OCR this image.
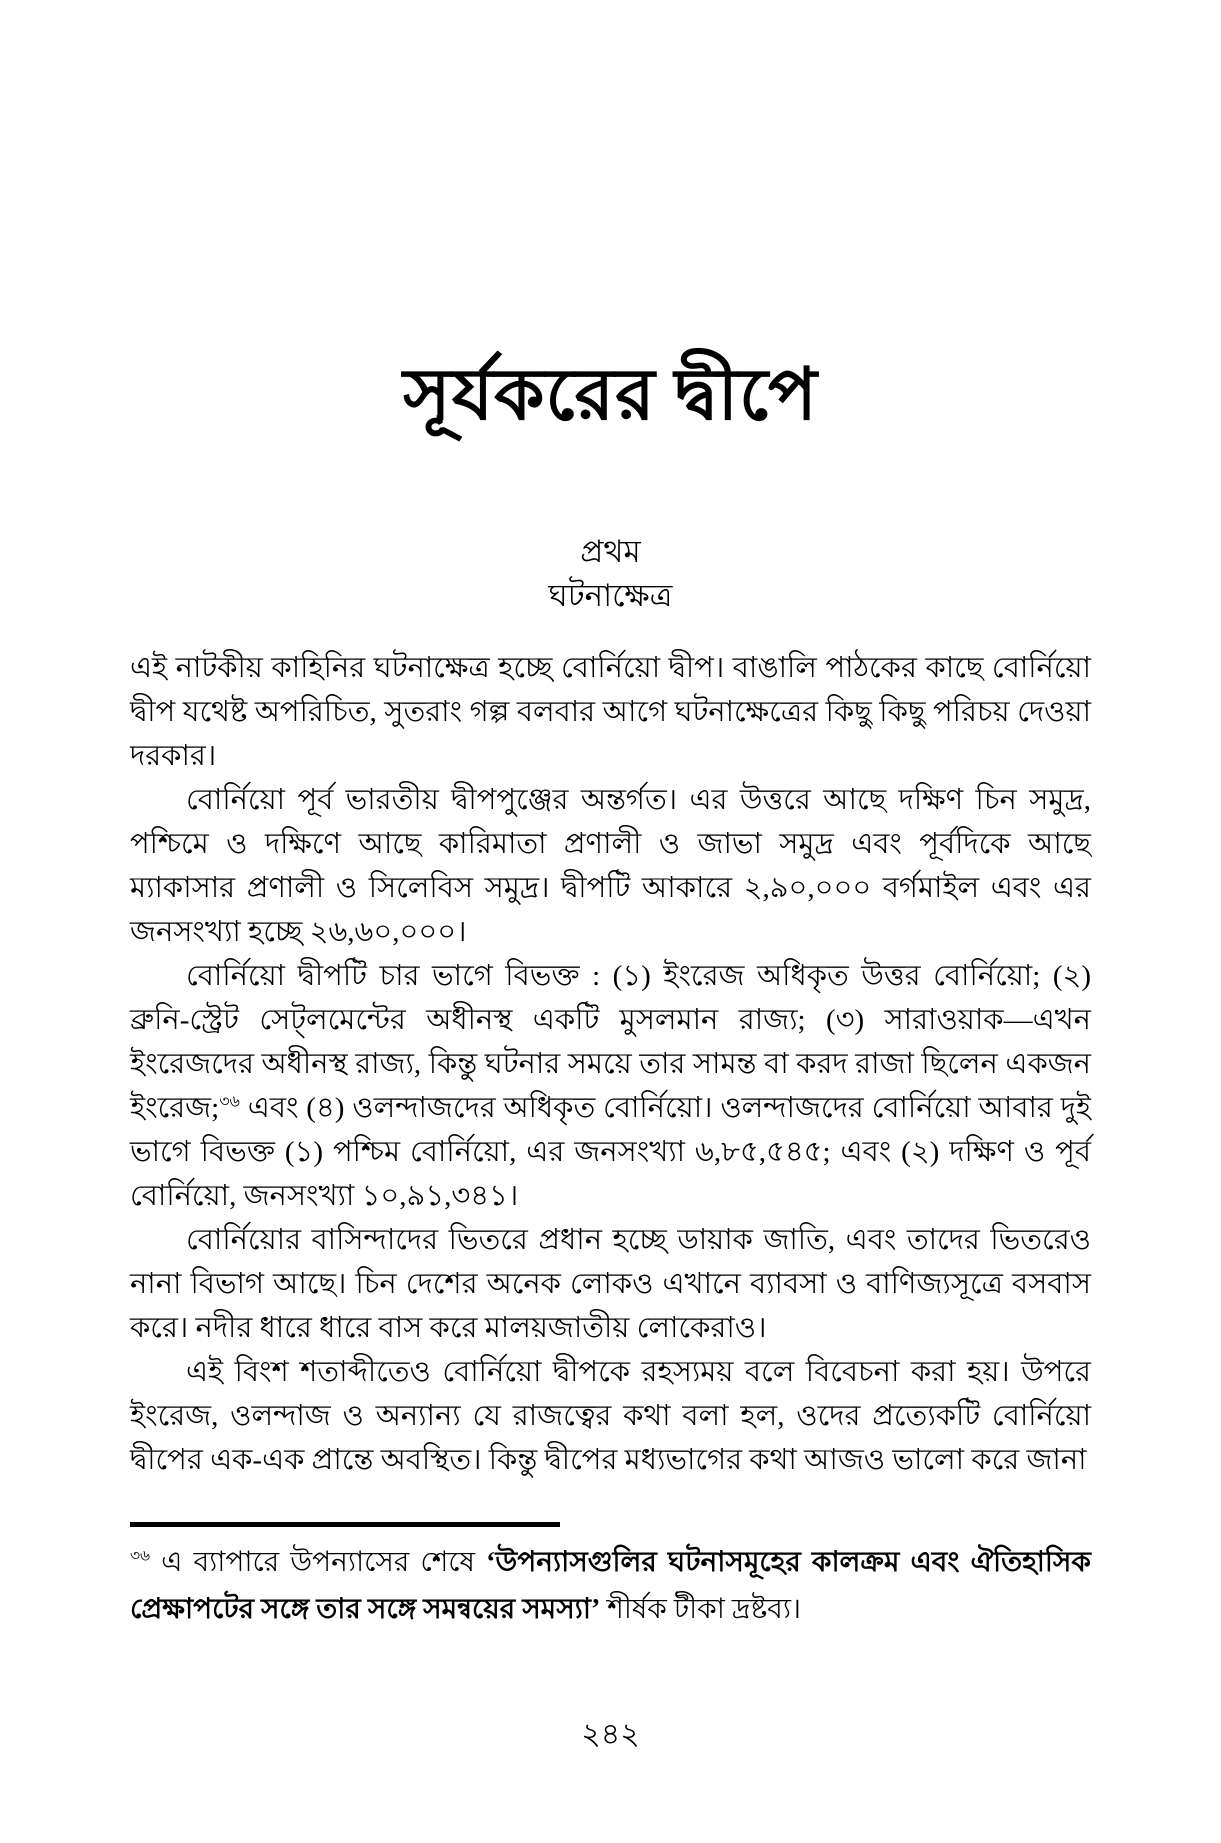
সূর্যকরের দ্বীপে
প্রথম
ঘটনাক্ষেত্র

এই নাটকীয় কাহিনির ঘটনাক্ষেত্র হচ্ছে বোর্নিয়ো দ্বীপ। বাঙালি পাঠকের কাছে বোর্নিয়ো দ্বীপ যথেষ্ট অপরিচিত, সুতরাং গল্প বলবার আগে ঘটনাক্ষেত্রের কিছু কিছু পরিচয় দেওয়া দরকার।

বোর্নিয়ো পূর্ব ভারতীয় দ্বীপপুঞ্জের অন্তর্গত। এর উত্তরে আছে দক্ষিণ চিন সমুদ্র, পশ্চিমে ও দক্ষিণে আছে কারিমাতা প্রণালী ও জাভা সমুদ্র এবং পূর্বদিকে আছে ম্যাকাসার প্রণালী ও সিলেবিস সমুদ্র। দ্বীপটি আকারে ২,৯০,০০০ বর্গমাইল এবং এর জনসংখ্যা হচ্ছে ২৬,৬০,০০০।

বোর্নিয়ো দ্বীপটি চার ভাগে বিভক্ত : (১) ইংরেজ অধিকৃত উত্তর বোর্নিয়ো; (২) ব্রুনি-স্ট্রেট সেট্‌লমেন্টের অধীনস্থ একটি মুসলমান রাজ্য; (৩) সারাওয়াক—এখন ইংরেজদের অধীনস্থ রাজ্য, কিন্তু ঘটনার সময়ে তার সামন্ত বা করদ রাজা ছিলেন একজন ইংরেজ;$^{৩৬}$ এবং (৪) ওলন্দাজদের অধিকৃত বোর্নিয়ো। ওলন্দাজদের বোর্নিয়ো আবার দুই ভাগে বিভক্ত (১) পশ্চিম বোর্নিয়ো, এর জনসংখ্যা ৬,৮৫,৫৪৫; এবং (২) দক্ষিণ ও পূর্ব বোর্নিয়ো, জনসংখ্যা ১০,৯১,৩৪১।

বোর্নিয়োর বাসিন্দাদের ভিতরে প্রধান হচ্ছে ডায়াক জাতি, এবং তাদের ভিতরেও নানা বিভাগ আছে। চিন দেশের অনেক লোকও এখানে ব্যাবসা ও বাণিজ্যসূত্রে বসবাস করে। নদীর ধারে ধারে বাস করে মালয়জাতীয় লোকেরাও।

এই বিংশ শতাব্দীতেও বোর্নিয়ো দ্বীপকে রহস্যময় বলে বিবেচনা করা হয়। উপরে ইংরেজ, ওলন্দাজ ও অন্যান্য যে রাজত্বের কথা বলা হল, ওদের প্রত্যেকটি বোর্নিয়ো দ্বীপের এক-এক প্রান্তে অবস্থিত। কিন্তু দ্বীপের মধ্যভাগের কথা আজও ভালো করে জানা

$^{৩৬}$ এ ব্যাপারে উপন্যাসের শেষে ‘উপন্যাসগুলির ঘটনাসমূহের কালক্রম এবং ঐতিহাসিক প্রেক্ষাপটের সঙ্গে তার সঙ্গে সমন্বয়ের সমস্যা’ শীর্ষক টীকা দ্রষ্টব্য।

২৪২
